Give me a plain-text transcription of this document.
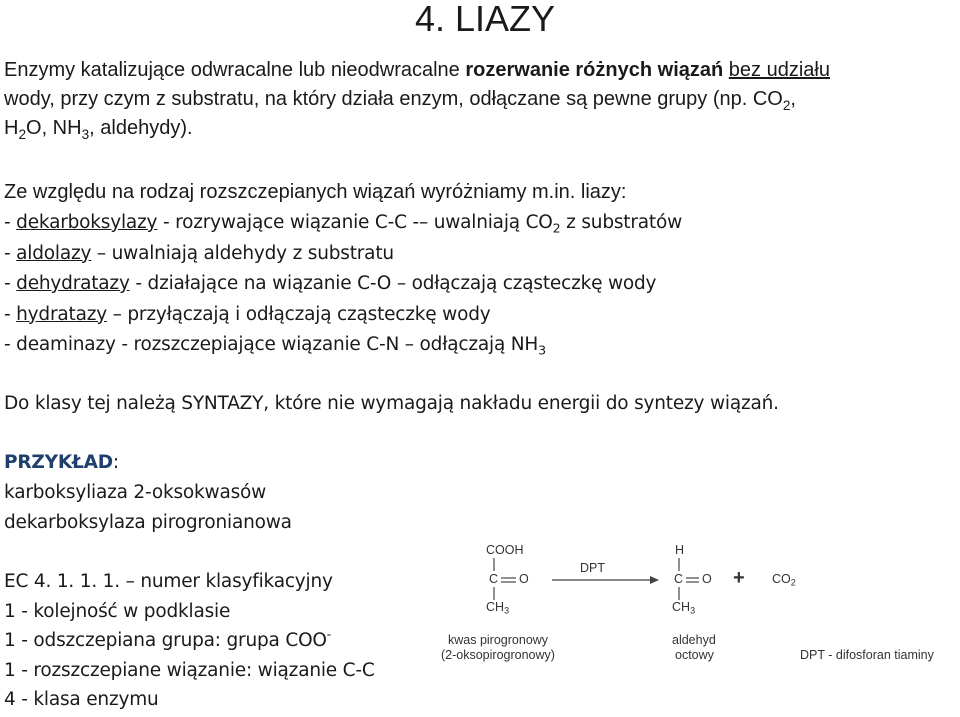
4. LIAZY
Enzymy katalizujące odwracalne lub nieodwracalne rozerwanie różnych wiązań bez udziału
wody, przy czym z substratu, na który działa enzym, odłączane są pewne grupy (np. $CO_2$,
$H_2O$, $NH_3$, aldehydy).
Ze względu na rodzaj rozszczepianych wiązań wyróżniamy m.in. liazy:
- dekarboksylazy - rozrywające wiązanie C-C -– uwalniają $CO_2$ z substratów
- aldolazy – uwalniają aldehydy z substratu
- dehydratazy - działające na wiązanie C-O – odłączają cząsteczkę wody
- hydratazy – przyłączają i odłączają cząsteczkę wody
- deaminazy - rozszczepiające wiązanie C-N – odłączają $NH_3$
Do klasy tej należą SYNTAZY, które nie wymagają nakładu energii do syntezy wiązań.
PRZYKŁAD:
karboksyliaza 2-oksokwasów
dekarboksylaza pirogronianowa
EC 4. 1. 1. 1. – numer klasyfikacyjny
1 - kolejność w podklasie
1 - odszczepiana grupa: grupa COO-
1 - rozszczepiane wiązanie: wiązanie C-C
4 - klasa enzymu
COOH
C O
$CH_3$
DPT
H
C O
$CH_3$
+ $CO_2$
kwas pirogronowy
(2-oksopirogronowy)
aldehyd
octowy	DPT - difosforan tiaminy
